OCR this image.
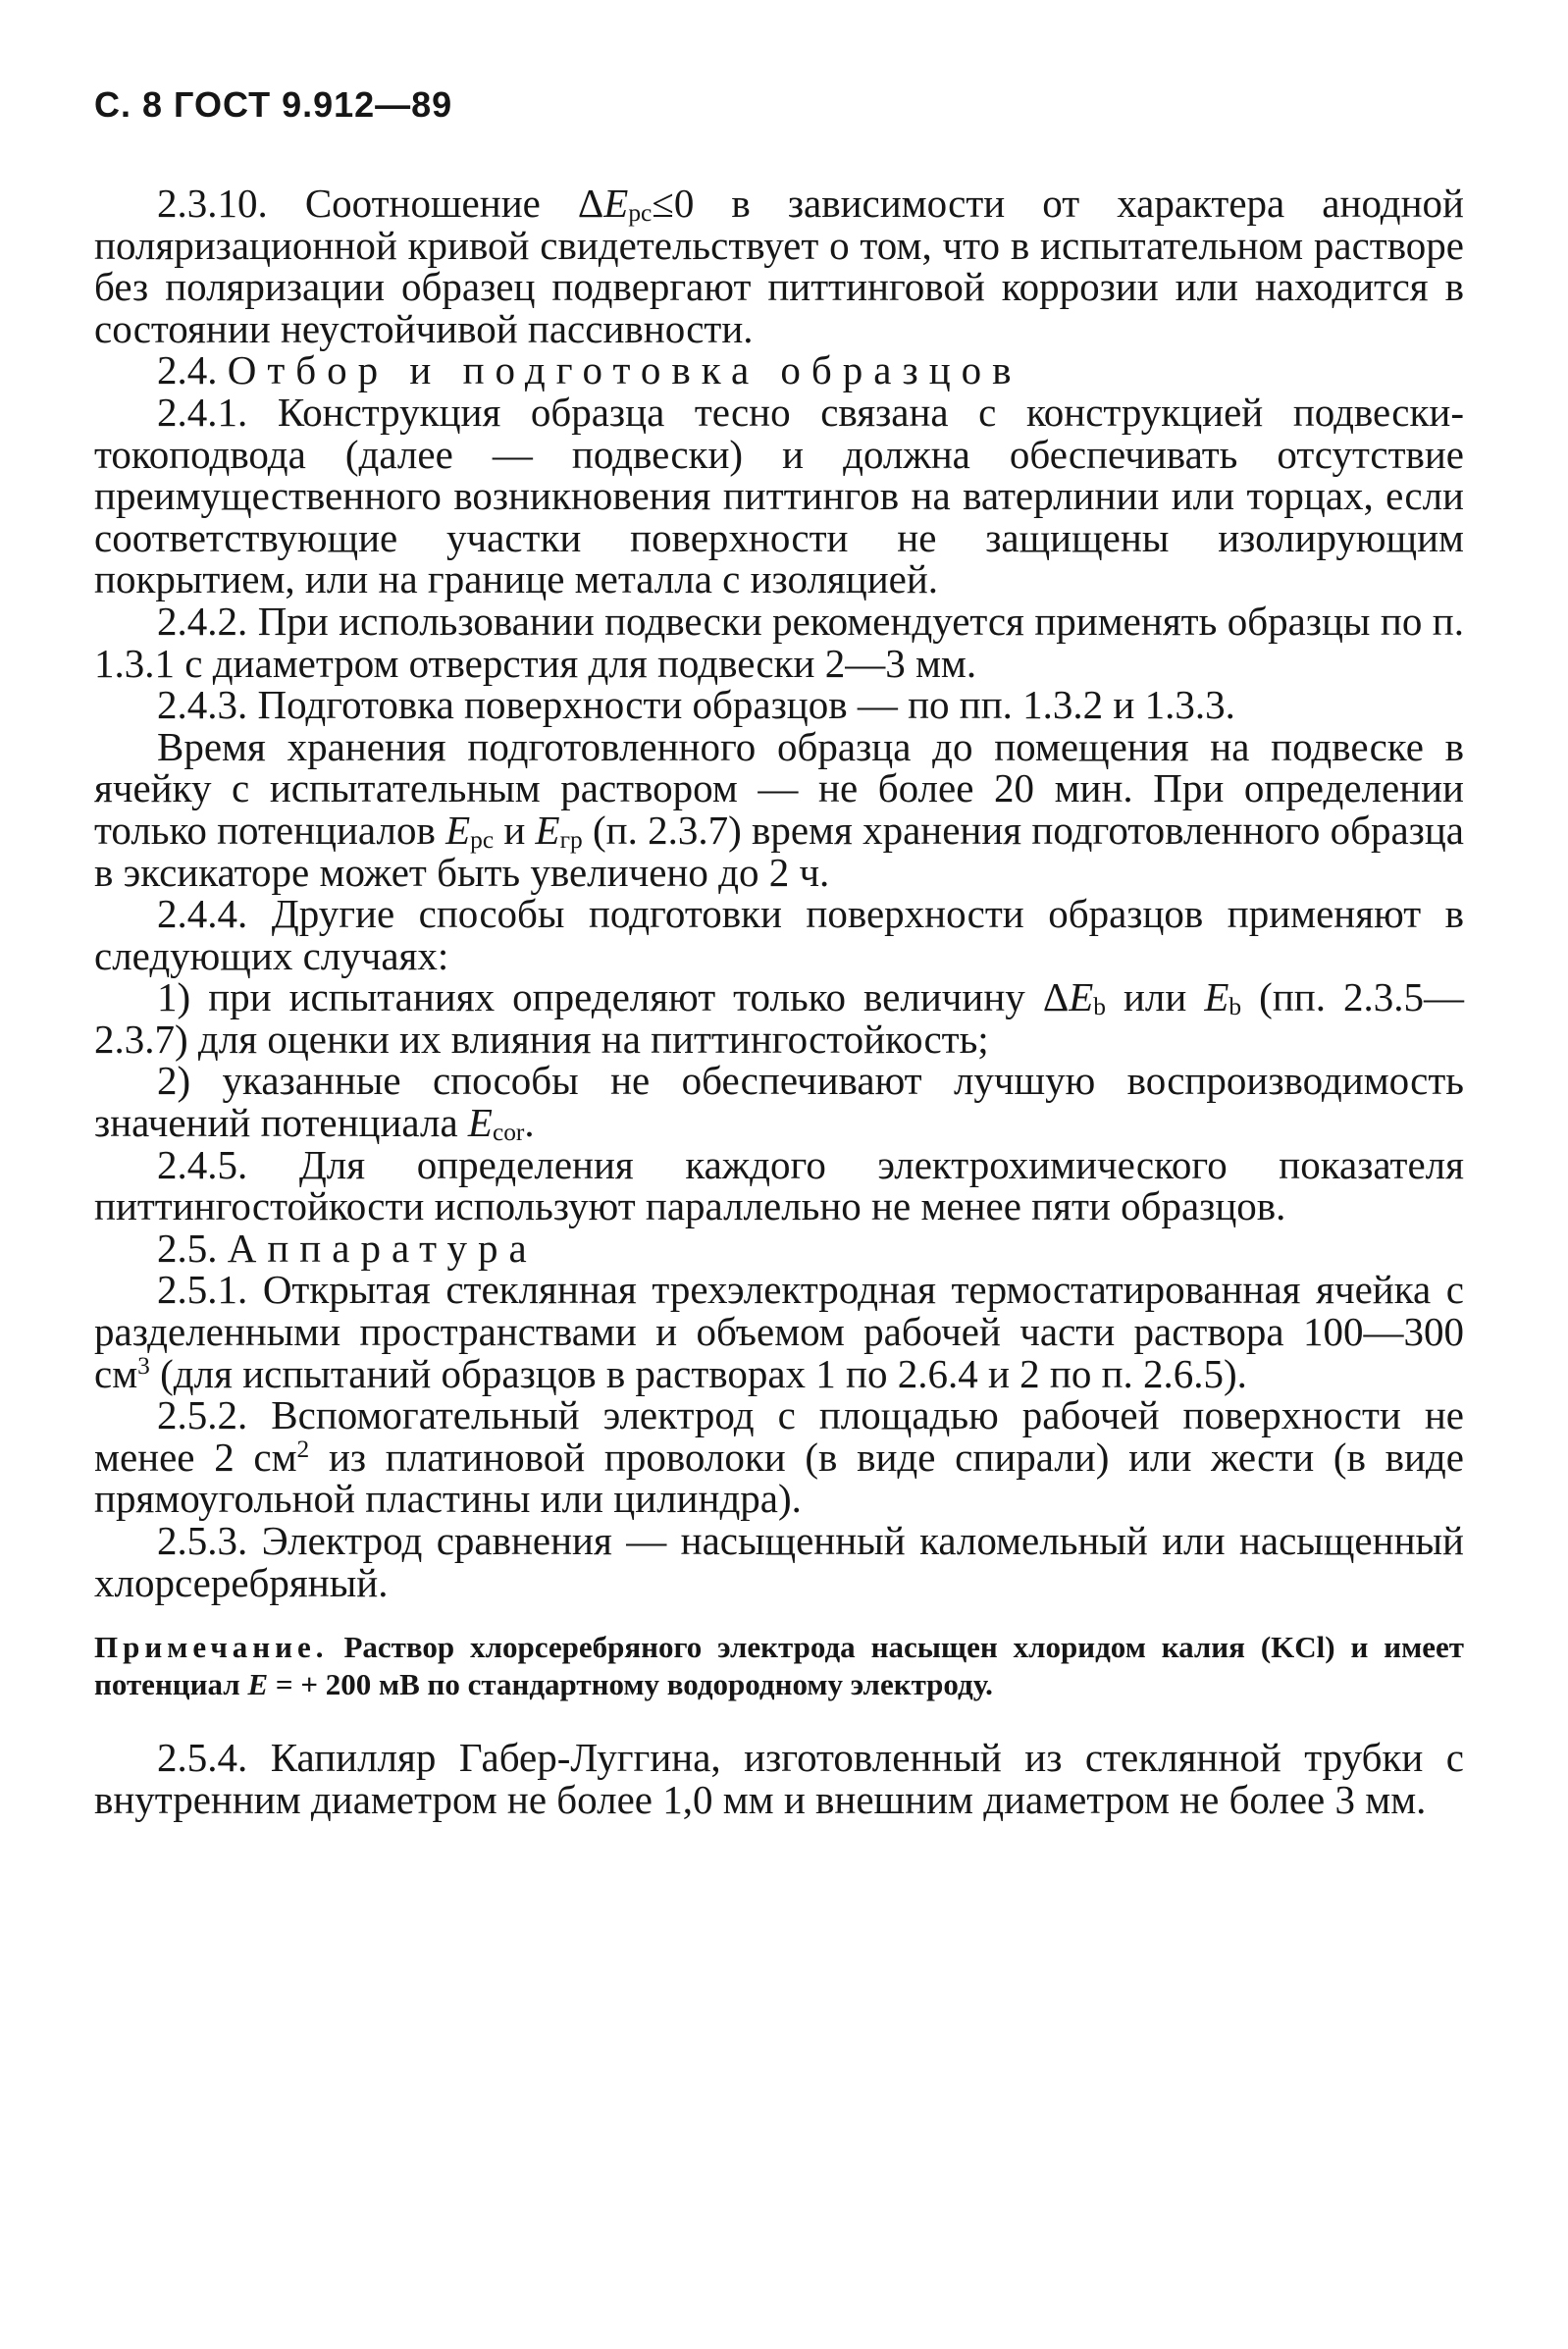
С. 8 ГОСТ 9.912—89

2.3.10. Соотношение $\Delta E_{рс}\le 0$ в зависимости от характера анодной поляризационной кривой свидетельствует о том, что в испытательном растворе без поляризации образец подвергают питтинговой коррозии или находится в состоянии неустойчивой пассивности.

2.4. Отбор и подготовка образцов

2.4.1. Конструкция образца тесно связана с конструкцией подвески-токоподвода (далее — подвески) и должна обеспечивать отсутствие преимущественного возникновения питтингов на ватерлинии или торцах, если соответствующие участки поверхности не защищены изолирующим покрытием, или на границе металла с изоляцией.

2.4.2. При использовании подвески рекомендуется применять образцы по п. 1.3.1 с диаметром отверстия для подвески 2—3 мм.

2.4.3. Подготовка поверхности образцов — по пп. 1.3.2 и 1.3.3.

Время хранения подготовленного образца до помещения на подвеске в ячейку с испытательным раствором — не более 20 мин. При определении только потенциалов $E_{рс}$ и $E_{гр}$ (п. 2.3.7) время хранения подготовленного образца в эксикаторе может быть увеличено до 2 ч.

2.4.4. Другие способы подготовки поверхности образцов применяют в следующих случаях:

1) при испытаниях определяют только величину $\Delta E_b$ или $E_b$ (пп. 2.3.5—2.3.7) для оценки их влияния на питтингостойкость;

2) указанные способы не обеспечивают лучшую воспроизводимость значений потенциала $E_{cor}$.

2.4.5. Для определения каждого электрохимического показателя питтингостойкости используют параллельно не менее пяти образцов.

2.5. Аппаратура

2.5.1. Открытая стеклянная трехэлектродная термостатированная ячейка с разделенными пространствами и объемом рабочей части раствора 100—300 $см^3$ (для испытаний образцов в растворах 1 по 2.6.4 и 2 по п. 2.6.5).

2.5.2. Вспомогательный электрод с площадью рабочей поверхности не менее 2 $см^2$ из платиновой проволоки (в виде спирали) или жести (в виде прямоугольной пластины или цилиндра).

2.5.3. Электрод сравнения — насыщенный каломельный или насыщенный хлорсеребряный.

Примечание. Раствор хлорсеребряного электрода насыщен хлоридом калия (KCl) и имеет потенциал E = + 200 мВ по стандартному водородному электроду.

2.5.4. Капилляр Габер-Луггина, изготовленный из стеклянной трубки с внутренним диаметром не более 1,0 мм и внешним диаметром не более 3 мм.
